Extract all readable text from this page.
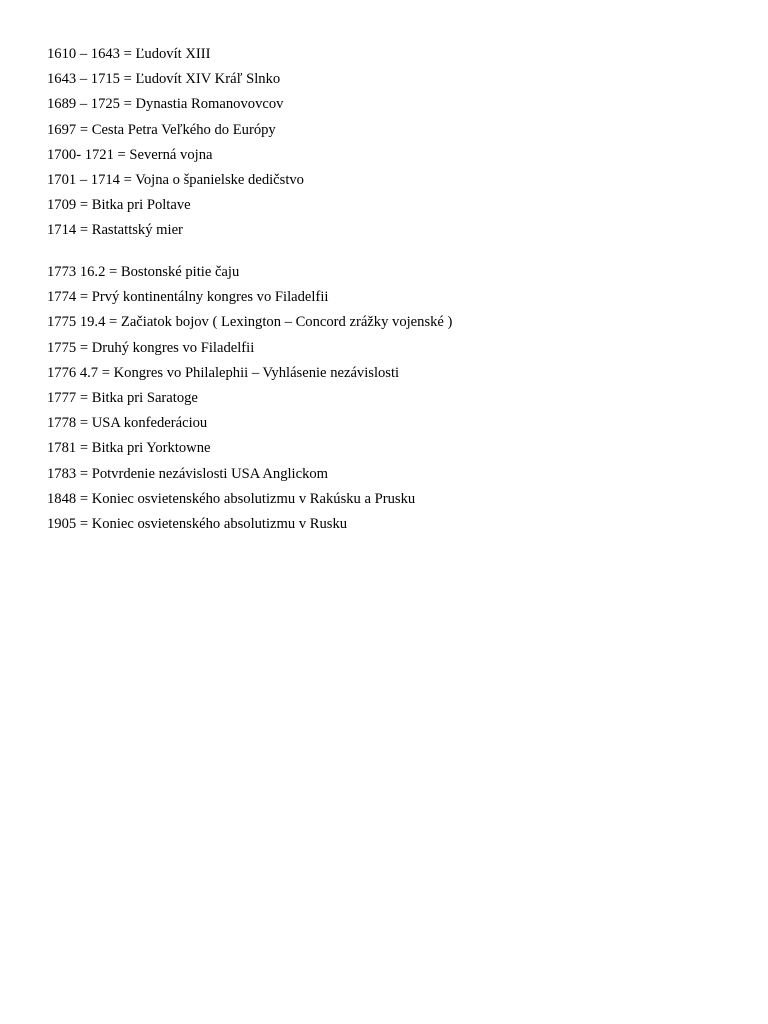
1610 – 1643 = Ľudovít XIII
1643 – 1715 = Ľudovít XIV Kráľ Slnko
1689 – 1725 = Dynastia Romanovovcov
1697 = Cesta Petra Veľkého do Európy
1700- 1721 = Severná vojna
1701 – 1714 = Vojna o španielske dedičstvo
1709 = Bitka pri Poltave
1714 = Rastattský mier
1773 16.2 = Bostonské pitie čaju
1774 = Prvý kontinentálny kongres vo Filadelfii
1775 19.4 = Začiatok bojov ( Lexington – Concord zrážky vojenské )
1775 = Druhý kongres vo Filadelfii
1776 4.7 = Kongres vo Philalephii – Vyhlásenie nezávislosti
1777 = Bitka pri Saratoge
1778 = USA konfederáciou
1781 = Bitka pri Yorktowne
1783 = Potvrdenie nezávislosti USA Anglickom
1848 = Koniec osvietenského absolutizmu v Rakúsku a Prusku
1905 = Koniec osvietenského absolutizmu v Rusku
